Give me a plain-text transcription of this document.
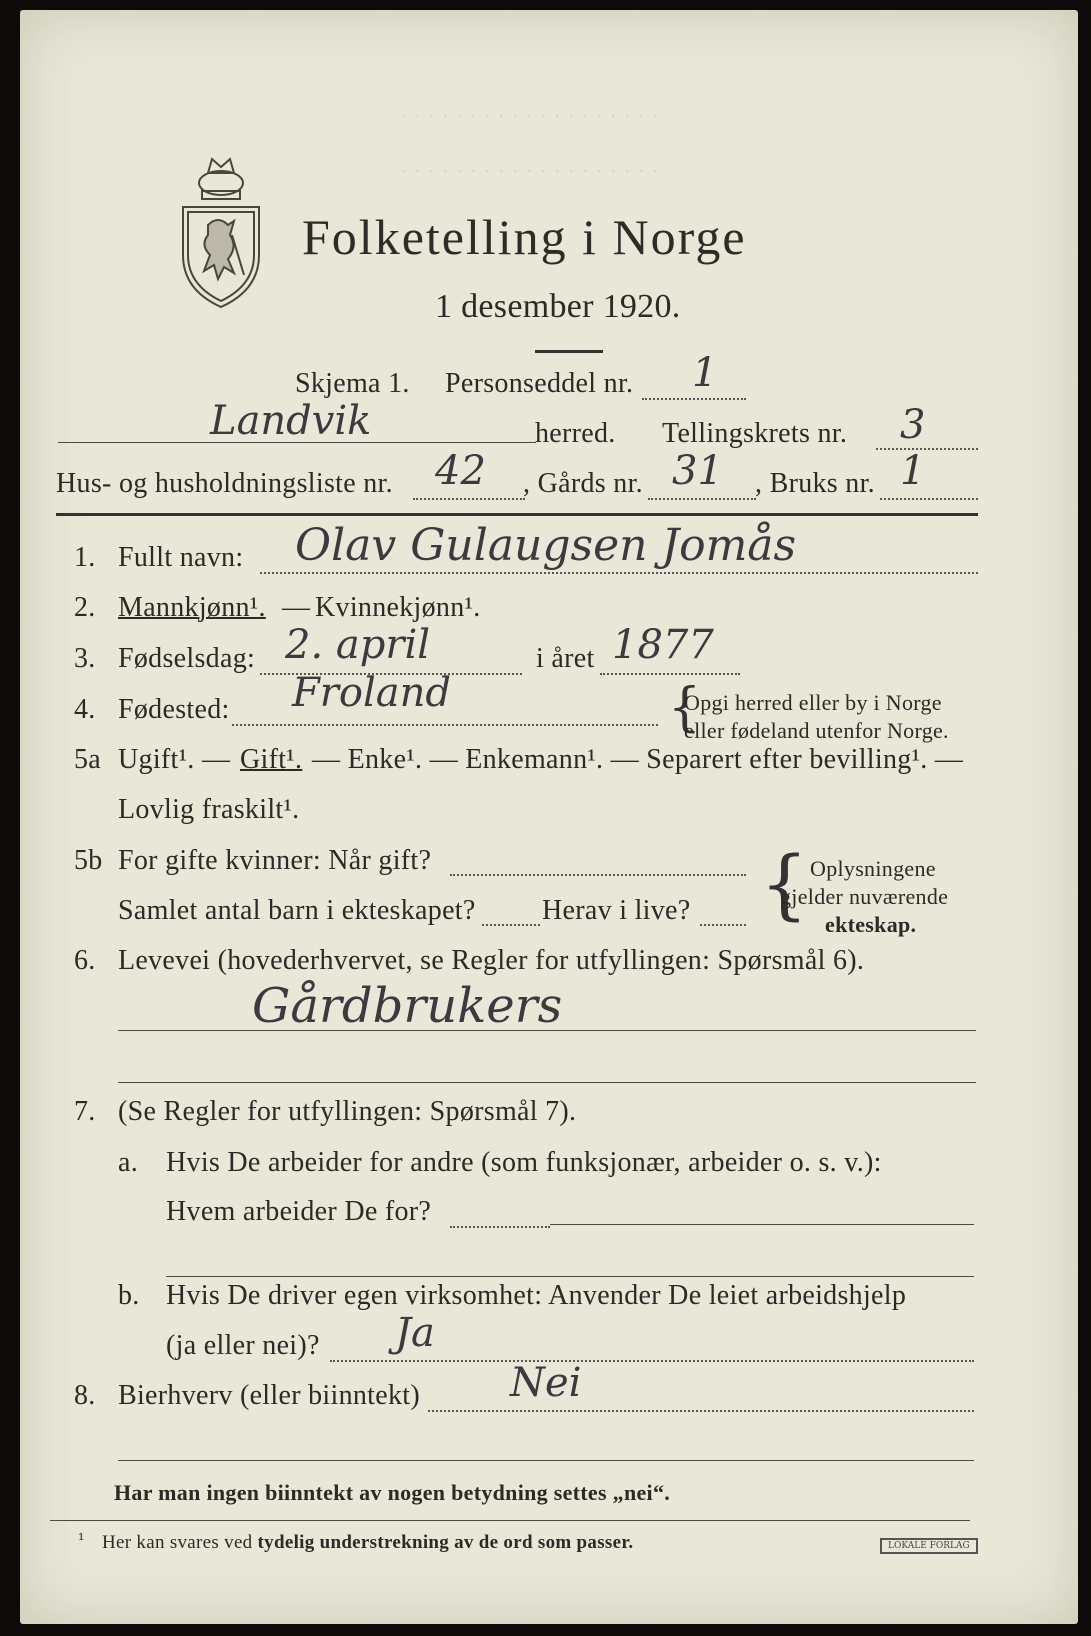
· · · · · · · · · · · · · · · · · · ·
· · · · · · · · · · · · · · · · · · ·
Folketelling i Norge
1 desember 1920.
Skjema 1. Personseddel nr. 1
Landvik	herred. Tellingskrets nr. 3
Hus- og husholdningsliste nr. 42 , Gårds nr. 31 , Bruks nr. 1
1. Fullt navn: Olav Gulaugsen Jomås
2. Mannkjønn¹. — Kvinnekjønn¹.
3. Fødselsdag: 2. april	i året 1877
4. Fødested: Froland	{
Opgi herred eller by i Norge
eller fødeland utenfor Norge.
5a Ugift¹. — Gift¹. — Enke¹. — Enkemann¹. — Separert efter bevilling¹. —
Lovlig fraskilt¹.
5b For gifte kvinner: Når gift?
Samlet antal barn i ekteskapet? Herav i live? { Oplysningene
gjelder nuværende
ekteskap.
6. Levevei (hovederhvervet, se Regler for utfyllingen: Spørsmål 6).
Gårdbrukers
7. (Se Regler for utfyllingen: Spørsmål 7).
a. Hvis De arbeider for andre (som funksjonær, arbeider o. s. v.):
Hvem arbeider De for?
b. Hvis De driver egen virksomhet: Anvender De leiet arbeidshjelp
(ja eller nei)? Ja
8. Bierhverv (eller biinntekt) Nei
Har man ingen biinntekt av nogen betydning settes „nei“.
¹ Her kan svares ved tydelig understrekning av de ord som passer.	LOKALE FORLAG
